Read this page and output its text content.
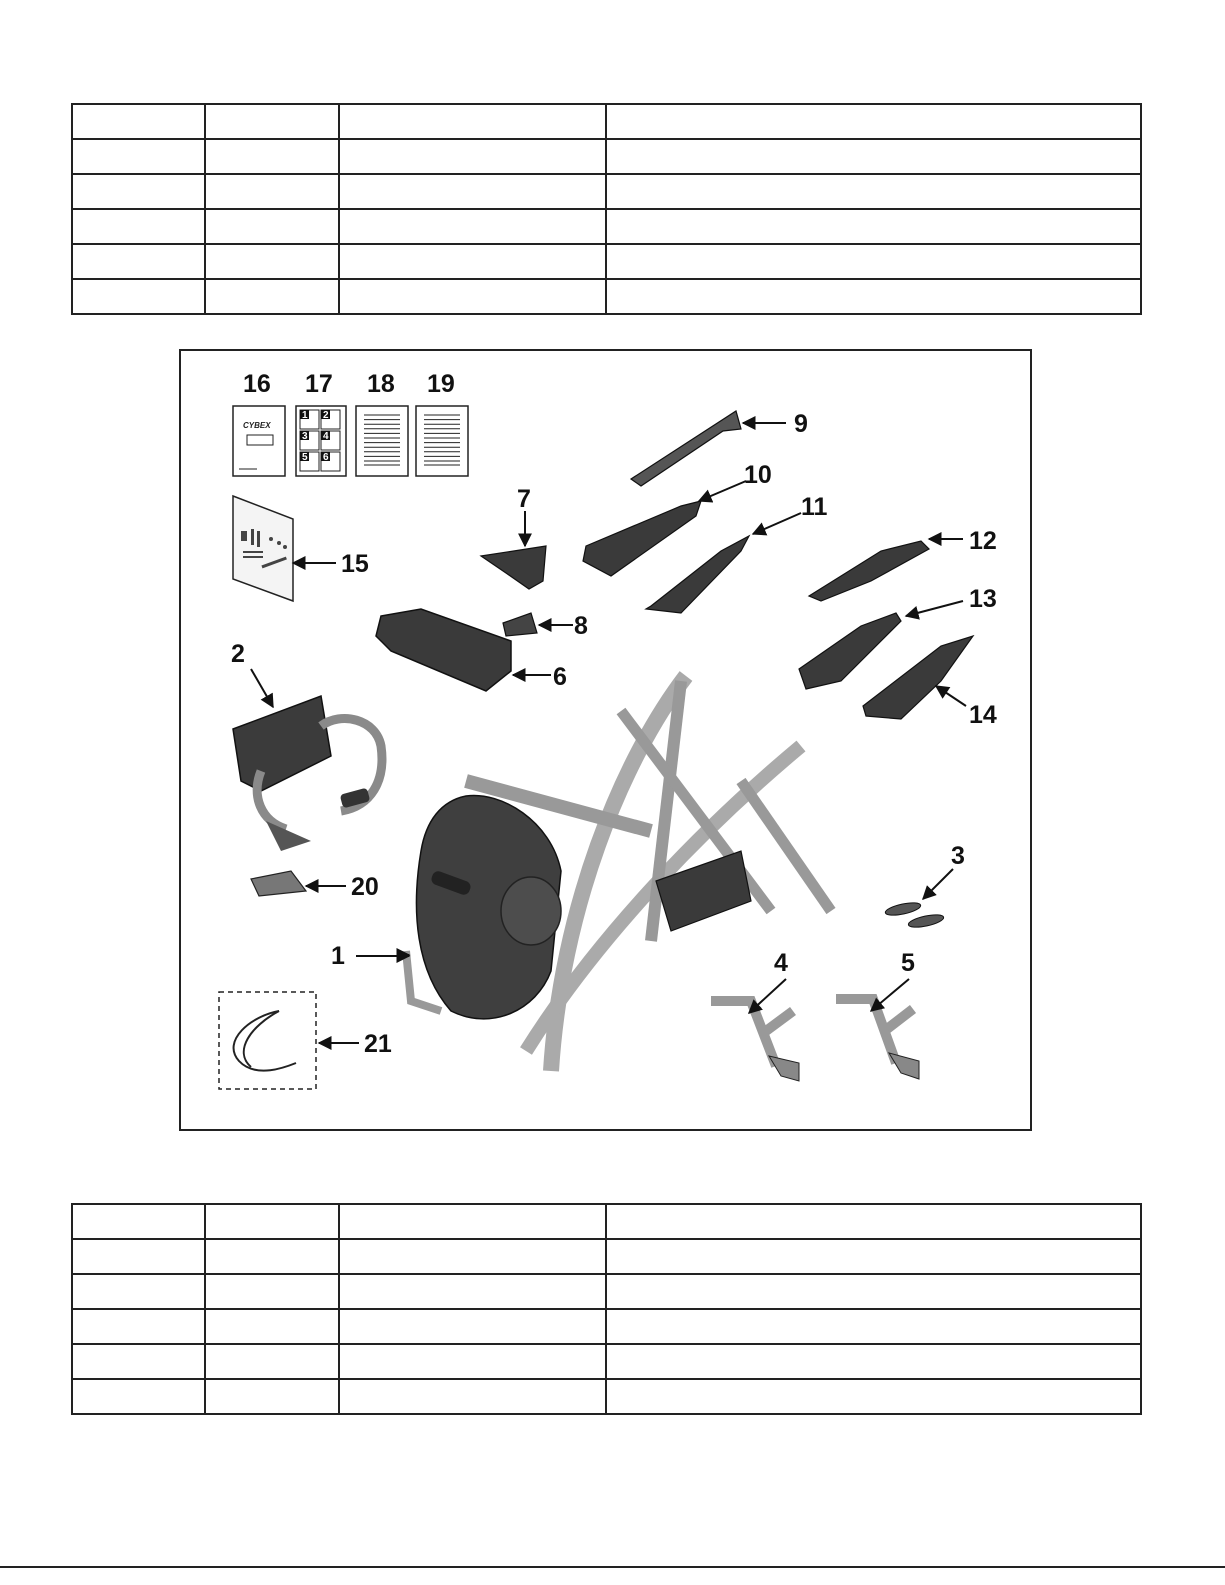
CYBEX
1 2
3 4
5 6
1
2
3
4	5
6
7
8
9
10
11
12
13
14
15
16 17 18 19
20
21
